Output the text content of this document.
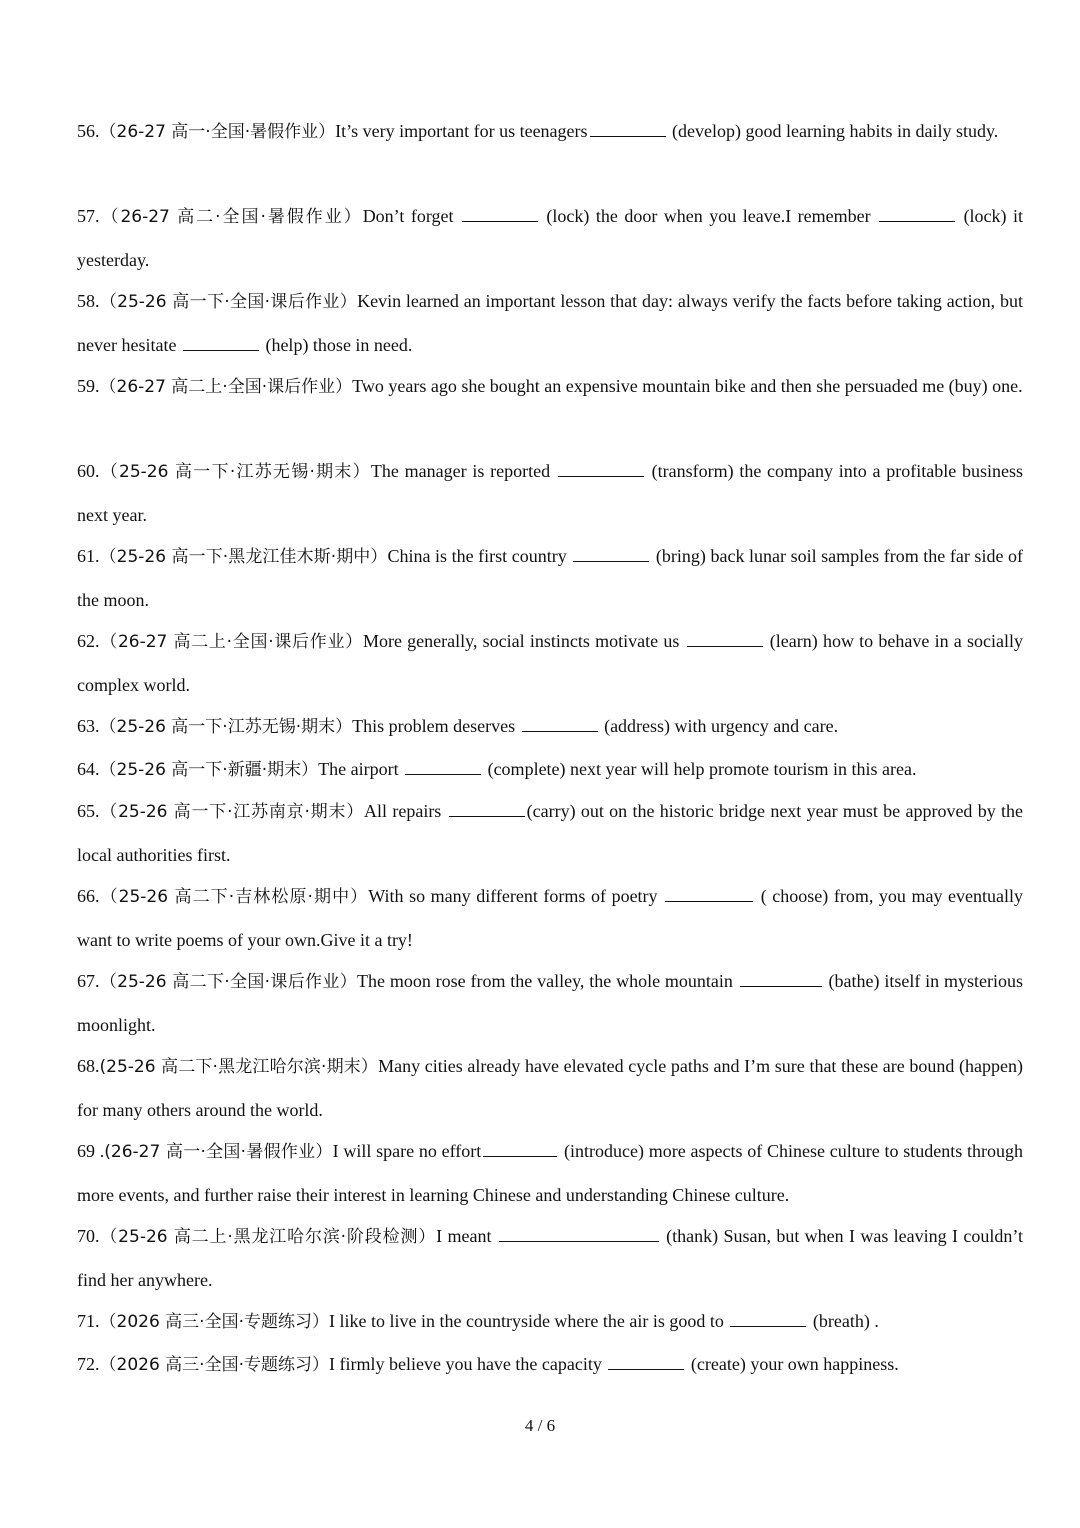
56.（26-27 高一·全国·暑假作业）It’s very important for us teenagers	(develop) good learning habits in daily study.
57.（26-27 高二·全国·暑假作业）Don’t forget	(lock) the door when you leave.I remember	(lock) it yesterday.
58.（25-26 高一下·全国·课后作业）Kevin learned an important lesson that day: always verify the facts before taking action, but never hesitate	(help) those in need.
59.（26-27 高二上·全国·课后作业）Two years ago she bought an expensive mountain bike and then she persuaded me (buy) one.
60.（25-26 高一下·江苏无锡·期末）The manager is reported	(transform) the company into a profitable business next year.
61.（25-26 高一下·黑龙江佳木斯·期中）China is the first country	(bring) back lunar soil samples from the far side of the moon.
62.（26-27 高二上·全国·课后作业）More generally, social instincts motivate us	(learn) how to behave in a socially complex world.
63.（25-26 高一下·江苏无锡·期末）This problem deserves	(address) with urgency and care.
64.（25-26 高一下·新疆·期末）The airport	(complete) next year will help promote tourism in this area.
65.（25-26 高一下·江苏南京·期末）All repairs	(carry) out on the historic bridge next year must be approved by the local authorities first.
66.（25-26 高二下·吉林松原·期中）With so many different forms of poetry	( choose) from, you may eventually want to write poems of your own.Give it a try!
67.（25-26 高二下·全国·课后作业）The moon rose from the valley, the whole mountain	(bathe) itself in mysterious moonlight.
68.(25-26 高二下·黑龙江哈尔滨·期末）Many cities already have elevated cycle paths and I’m sure that these are bound (happen) for many others around the world.
69 .(26-27 高一·全国·暑假作业）I will spare no effort	(introduce) more aspects of Chinese culture to students through more events, and further raise their interest in learning Chinese and understanding Chinese culture.
70.（25-26 高二上·黑龙江哈尔滨·阶段检测）I meant	(thank) Susan, but when I was leaving I couldn’t find her anywhere.
71.（2026 高三·全国·专题练习）I like to live in the countryside where the air is good to	(breath) .
72.（2026 高三·全国·专题练习）I firmly believe you have the capacity	(create) your own happiness.
4 / 6
